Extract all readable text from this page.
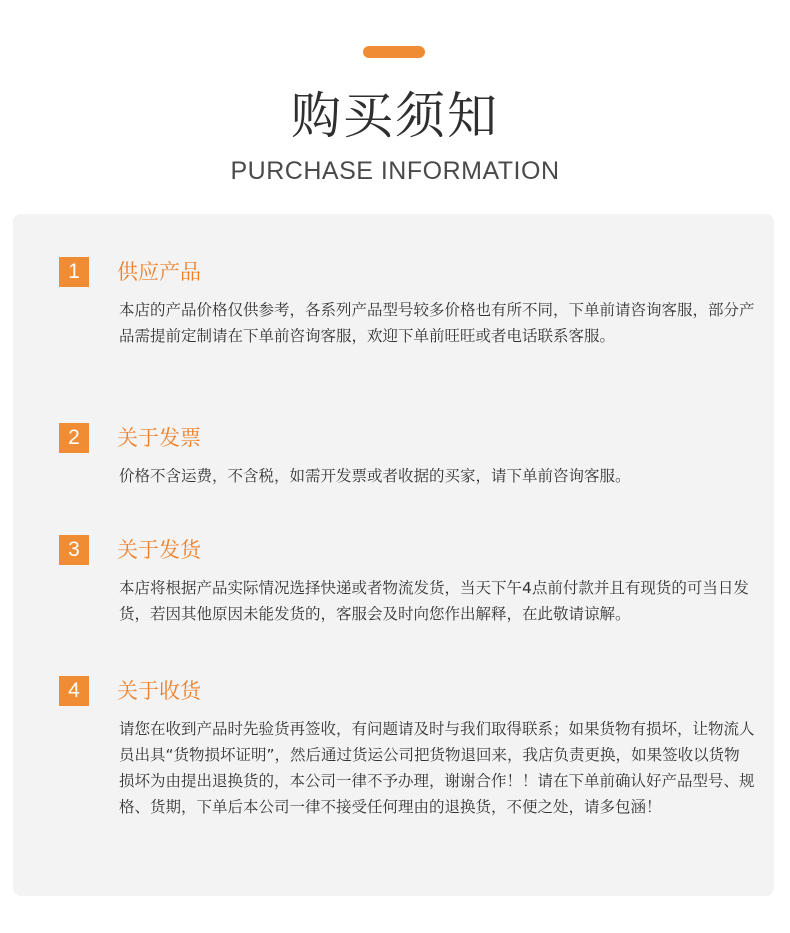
购买须知
PURCHASE INFORMATION
1	供应产品
本店的产品价格仅供参考，各系列产品型号较多价格也有所不同，下单前请咨询客服，部分产品需提前定制请在下单前咨询客服，欢迎下单前旺旺或者电话联系客服。
2	关于发票
价格不含运费，不含税，如需开发票或者收据的买家，请下单前咨询客服。
3	关于发货
本店将根据产品实际情况选择快递或者物流发货，当天下午4点前付款并且有现货的可当日发货，若因其他原因未能发货的，客服会及时向您作出解释，在此敬请谅解。
4	关于收货
请您在收到产品时先验货再签收，有问题请及时与我们取得联系；如果货物有损坏，让物流人员出具“货物损坏证明”，然后通过货运公司把货物退回来，我店负责更换，如果签收以货物损坏为由提出退换货的，本公司一律不予办理，谢谢合作！！请在下单前确认好产品型号、规格、货期，下单后本公司一律不接受任何理由的退换货，不便之处，请多包涵！
